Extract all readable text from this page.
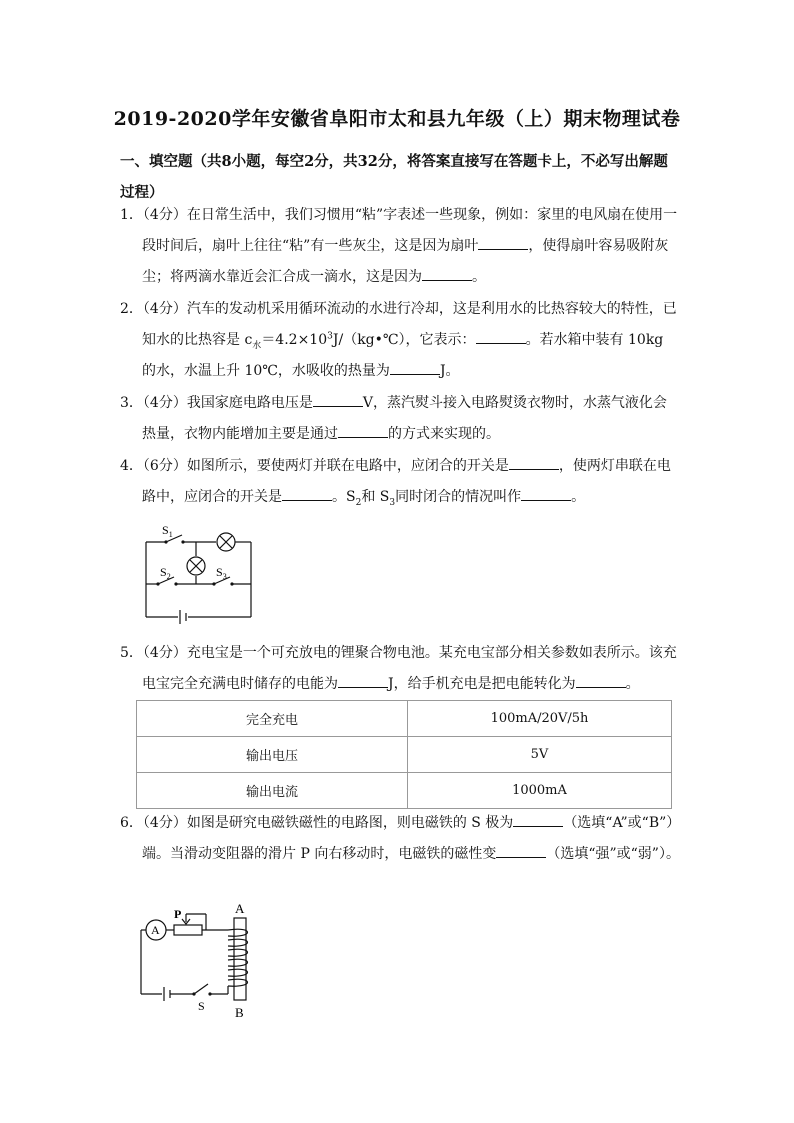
2019-2020学年安徽省阜阳市太和县九年级（上）期末物理试卷
一、填空题（共8小题，每空2分，共32分，将答案直接写在答题卡上，不必写出解题过程）
1．（4分）在日常生活中，我们习惯用“粘”字表述一些现象，例如：家里的电风扇在使用一段时间后，扇叶上往往“粘”有一些灰尘，这是因为扇叶	，使得扇叶容易吸附灰尘；将两滴水靠近会汇合成一滴水，这是因为	。
2．（4分）汽车的发动机采用循环流动的水进行冷却，这是利用水的比热容较大的特性，已知水的比热容是 $c_水=4.2\times 10^3J/(kg•℃)$，它表示：	。若水箱中装有 10kg 的水，水温上升 10℃，水吸收的热量为	J。
3．（4分）我国家庭电路电压是	V，蒸汽熨斗接入电路熨烫衣物时，水蒸气液化会热量，衣物内能增加主要是通过	的方式来实现的。
4．（6分）如图所示，要使两灯并联在电路中，应闭合的开关是	，使两灯串联在电路中，应闭合的开关是	。$S_2$和 $S_3$同时闭合的情况叫作	。
$S_1$
$S_2$	$S_3$
5．（4分）充电宝是一个可充放电的锂聚合物电池。某充电宝部分相关参数如表所示。该充电宝完全充满电时储存的电能为	J，给手机充电是把电能转化为	。
完全充电	100mA/20V/5h
输出电压	5V
输出电流	1000mA
6．（4分）如图是研究电磁铁磁性的电路图，则电磁铁的 S 极为	（选填“A”或“B”）端。当滑动变阻器的滑片 P 向右移动时，电磁铁的磁性变	（选填“强”或“弱”）。
A
P	A
B
S
